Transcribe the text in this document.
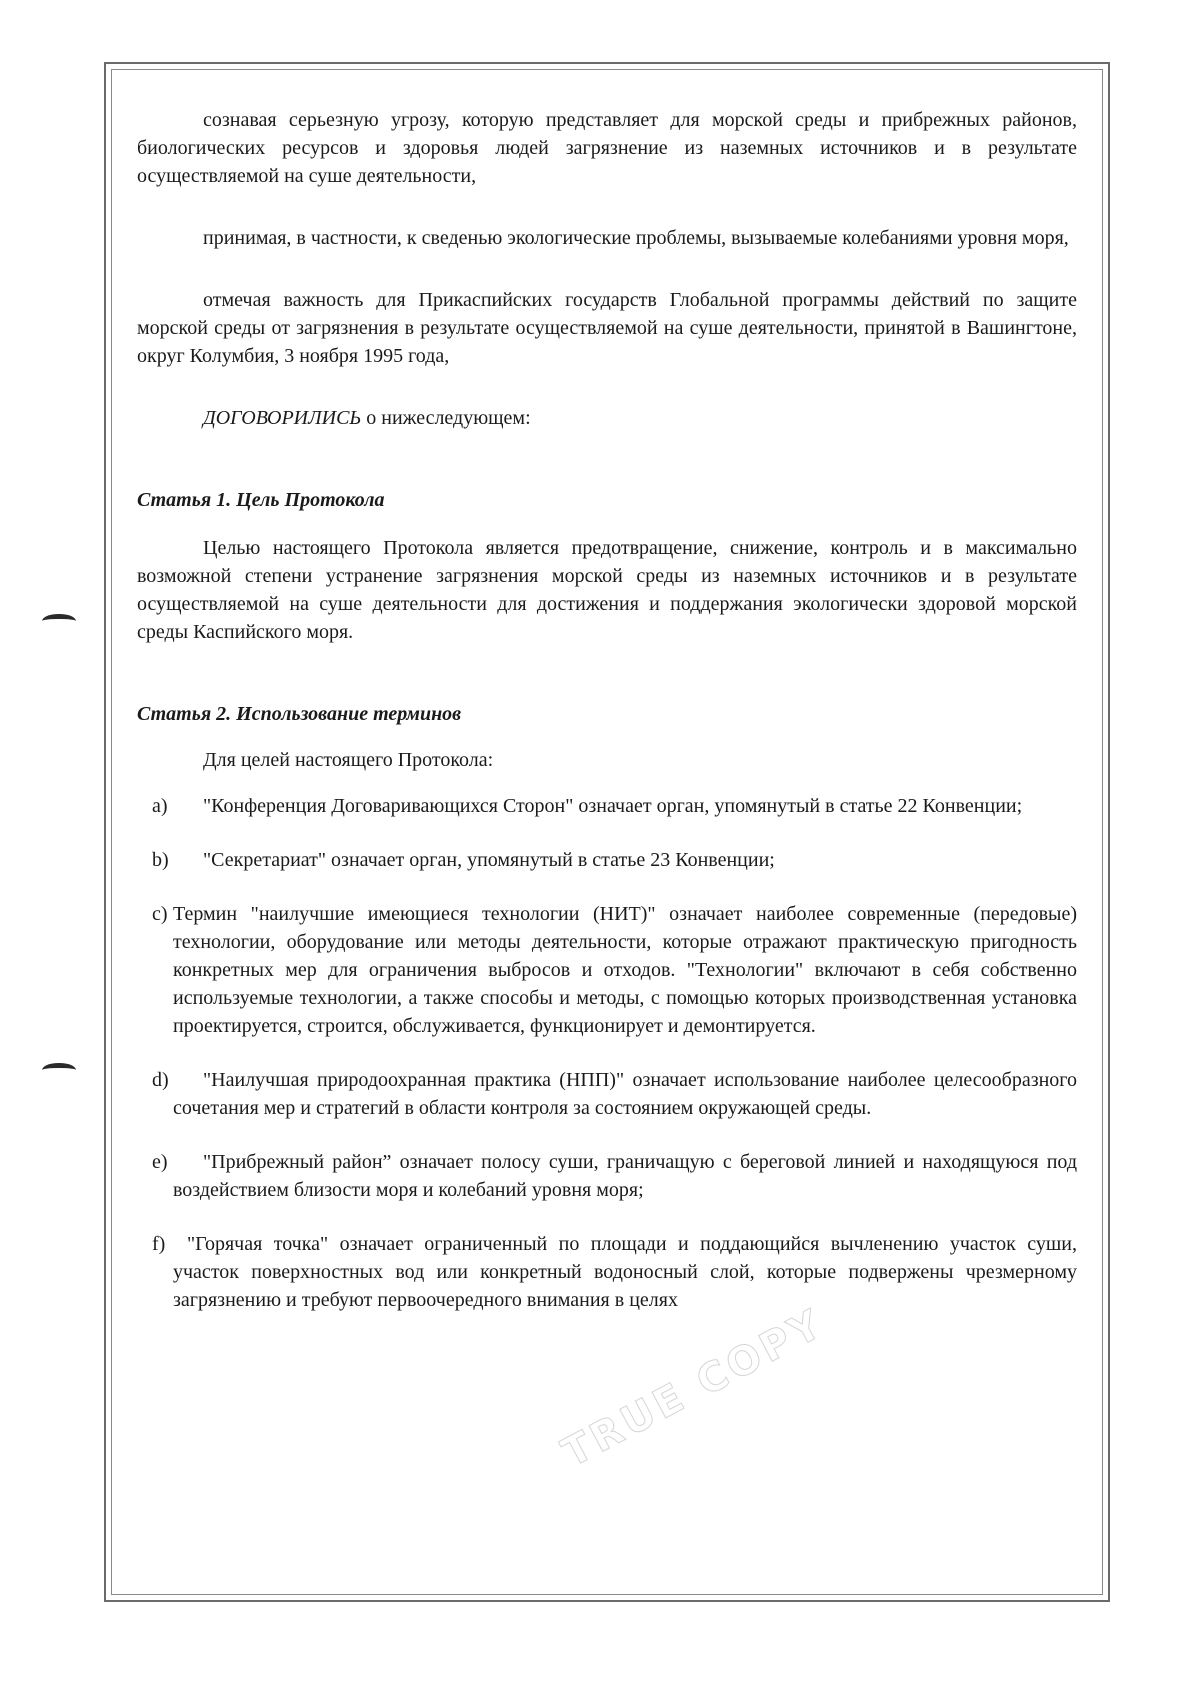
сознавая серьезную угрозу, которую представляет для морской среды и прибрежных районов, биологических ресурсов и здоровья людей загрязнение из наземных источников и в результате осуществляемой на суше деятельности,

принимая, в частности, к сведенью экологические проблемы, вызываемые колебаниями уровня моря,

отмечая важность для Прикаспийских государств Глобальной программы действий по защите морской среды от загрязнения в результате осуществляемой на суше деятельности, принятой в Вашингтоне, округ Колумбия, 3 ноября 1995 года,

ДОГОВОРИЛИСЬ о нижеследующем:

Статья 1. Цель Протокола

Целью настоящего Протокола является предотвращение, снижение, контроль и в максимально возможной степени устранение загрязнения морской среды из наземных источников и в результате осуществляемой на суше деятельности для достижения и поддержания экологически здоровой морской среды Каспийского моря.

Статья 2. Использование терминов

Для целей настоящего Протокола:

a)	"Конференция Договаривающихся Сторон" означает орган, упомянутый в статье 22 Конвенции;
b)	"Секретариат" означает орган, упомянутый в статье 23 Конвенции;
c) Термин "наилучшие имеющиеся технологии (НИТ)" означает наиболее современные (передовые) технологии, оборудование или методы деятельности, которые отражают практическую пригодность конкретных мер для ограничения выбросов и отходов. "Технологии" включают в себя собственно используемые технологии, а также способы и методы, с помощью которых производственная установка проектируется, строится, обслуживается, функционирует и демонтируется.
d)	"Наилучшая природоохранная практика (НПП)" означает использование наиболее целесообразного сочетания мер и стратегий в области контроля за состоянием окружающей среды.
e)	"Прибрежный район” означает полосу суши, граничащую с береговой линией и находящуюся под воздействием близости моря и колебаний уровня моря;
f)	"Горячая точка" означает ограниченный по площади и поддающийся вычленению участок суши, участок поверхностных вод или конкретный водоносный слой, которые подвержены чрезмерному загрязнению и требуют первоочередного внимания в целях
TRUE COPY
